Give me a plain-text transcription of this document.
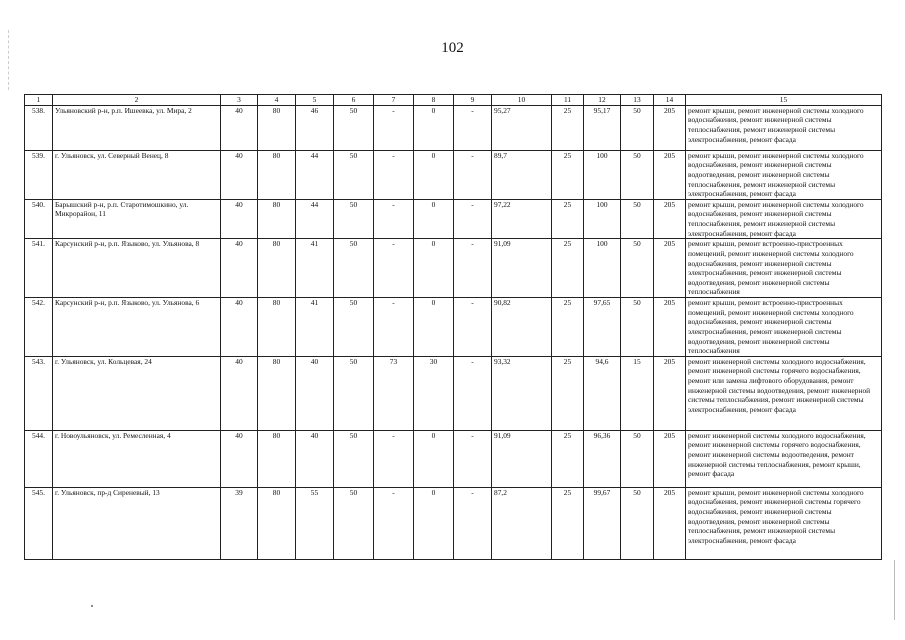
102
1	2	3	4	5	6	7	8	9	10	11	12	13	14	15
538.	Ульяновский р-н, р.п. Ишеевка, ул. Мира, 2	40	80	46	50	-	0	-	95,27	25	95,17	50	205	ремонт крыши, ремонт инженерной системы холодного водоснабжения, ремонт инженерной системы теплоснабжения, ремонт инженерной системы электроснабжения, ремонт фасада
539.	г. Ульяновск, ул. Северный Венец, 8	40	80	44	50	-	0	-	89,7	25	100	50	205	ремонт крыши, ремонт инженерной системы холодного водоснабжения, ремонт инженерной системы водоотведения, ремонт инженерной системы теплоснабжения, ремонт инженерной системы электроснабжения, ремонт фасада
540.	Барышский р-н, р.п. Старотимошкино, ул. Микрорайон, 11	40	80	44	50	-	0	-	97,22	25	100	50	205	ремонт крыши, ремонт инженерной системы холодного водоснабжения, ремонт инженерной системы теплоснабжения, ремонт инженерной системы электроснабжения, ремонт фасада
541.	Карсунский р-н, р.п. Языково, ул. Ульянова, 8	40	80	41	50	-	0	-	91,09	25	100	50	205	ремонт крыши, ремонт встроенно-пристроенных помещений, ремонт инженерной системы холодного водоснабжения, ремонт инженерной системы электроснабжения, ремонт инженерной системы водоотведения, ремонт инженерной системы теплоснабжения
542.	Карсунский р-н, р.п. Языково, ул. Ульянова, 6	40	80	41	50	-	0	-	90,82	25	97,65	50	205	ремонт крыши, ремонт встроенно-пристроенных помещений, ремонт инженерной системы холодного водоснабжения, ремонт инженерной системы электроснабжения, ремонт инженерной системы водоотведения, ремонт инженерной системы теплоснабжения
543.	г. Ульяновск, ул. Кольцевая, 24	40	80	40	50	73	30	-	93,32	25	94,6	15	205	ремонт инженерной системы холодного водоснабжения, ремонт инженерной системы горячего водоснабжения, ремонт или замена лифтового оборудования, ремонт инженерной системы водоотведения, ремонт инженерной системы теплоснабжения, ремонт инженерной системы электроснабжения, ремонт фасада
544.	г. Новоульяновск, ул. Ремесленная, 4	40	80	40	50	-	0	-	91,09	25	96,36	50	205	ремонт инженерной системы холодного водоснабжения, ремонт инженерной системы горячего водоснабжения, ремонт инженерной системы водоотведения, ремонт инженерной системы теплоснабжения, ремонт крыши, ремонт фасада
545.	г. Ульяновск, пр-д Сиреневый, 13	39	80	55	50	-	0	-	87,2	25	99,67	50	205	ремонт крыши, ремонт инженерной системы холодного водоснабжения, ремонт инженерной системы горячего водоснабжения, ремонт инженерной системы водоотведения, ремонт инженерной системы теплоснабжения, ремонт инженерной системы электроснабжения, ремонт фасада
